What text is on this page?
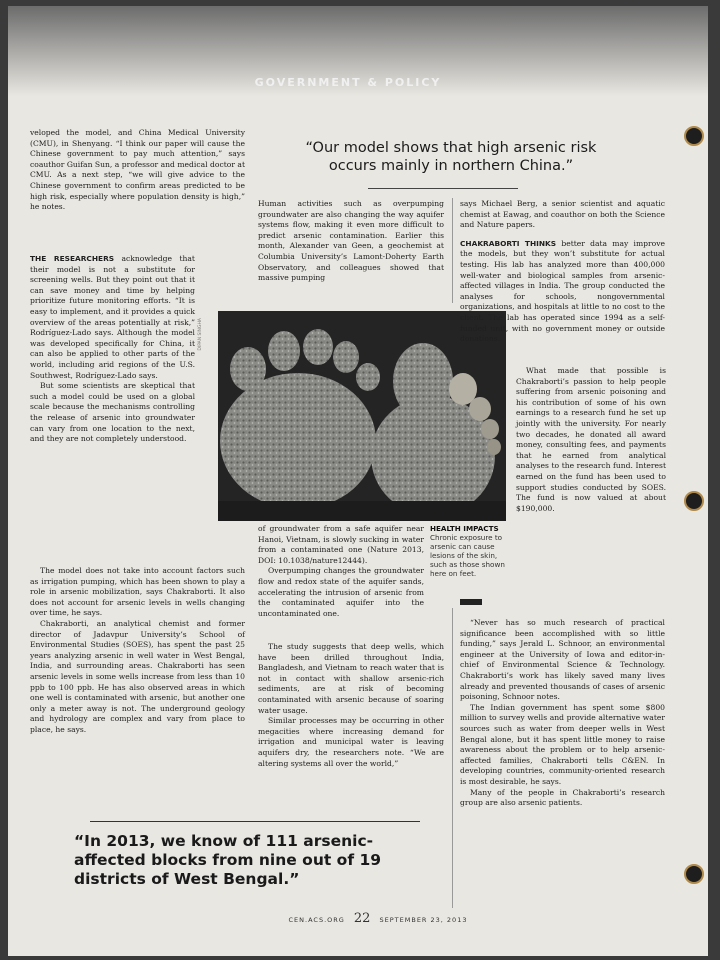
GOVERNMENT & POLICY

veloped the model, and China Medical University (CMU), in Shenyang. “I think our paper will cause the Chinese government to pay much attention,” says coauthor Guifan Sun, a professor and medical doctor at CMU. As a next step, “we will give advice to the Chinese government to confirm areas predicted to be high risk, especially where population density is high,” he notes.

THE RESEARCHERS acknowledge that their model is not a substitute for screening wells. But they point out that it can save money and time by helping prioritize future monitoring efforts. “It is easy to implement, and it provides a quick overview of the areas potentially at risk,” Rodríguez-Lado says. Although the model was developed specifically for China, it can also be applied to other parts of the world, including arid regions of the U.S. Southwest, Rodríguez-Lado says.

But some scientists are skeptical that such a model could be used on a global scale because the mechanisms controlling the release of arsenic into groundwater can vary from one location to the next, and they are not completely understood.

The model does not take into account factors such as irrigation pumping, which has been shown to play a role in arsenic mobilization, says Chakraborti. It also does not account for arsenic levels in wells changing over time, he says.

Chakraborti, an analytical chemist and former director of Jadavpur University’s School of Environmental Studies (SOES), has spent the past 25 years analyzing arsenic in well water in West Bengal, India, and surrounding areas. Chakraborti has seen arsenic levels in some wells increase from less than 10 ppb to 100 ppb. He has also observed areas in which one well is contaminated with arsenic, but another one only a meter away is not. The underground geology and hydrology are complex and vary from place to place, he says.

“Our model shows that high arsenic risk occurs mainly in northern China.”

Human activities such as overpumping groundwater are also changing the way aquifer systems flow, making it even more difficult to predict arsenic contamination. Earlier this month, Alexander van Geen, a geochemist at Columbia University’s Lamont-Doherty Earth Observatory, and colleagues showed that massive pumping

of groundwater from a safe aquifer near Hanoi, Vietnam, is slowly sucking in water from a contaminated one (Nature 2013, DOI: 10.1038/nature12444).

Overpumping changes the groundwater flow and redox state of the aquifer sands, accelerating the intrusion of arsenic from the contaminated aquifer into the uncontaminated one.

The study suggests that deep wells, which have been drilled throughout India, Bangladesh, and Vietnam to reach water that is not in contact with shallow arsenic-rich sediments, are at risk of becoming contaminated with arsenic because of soaring water usage.

Similar processes may be occurring in other megacities where increasing demand for irrigation and municipal water is leaving aquifers dry, the researchers note. “We are altering systems all over the world,”

DIPAN SINGHA
HEALTH IMPACTS
Chronic exposure to arsenic can cause lesions of the skin, such as those shown here on feet.

says Michael Berg, a senior scientist and aquatic chemist at Eawag, and coauthor on both the Science and Nature papers.

CHAKRABORTI THINKS better data may improve the models, but they won’t substitute for actual testing. His lab has analyzed more than 400,000 well-water and biological samples from arsenic-affected villages in India. The group conducted the analyses for schools, nongovernmental organizations, and hospitals at little to no cost to the client. The lab has operated since 1994 as a self-funded unit, with no government money or outside donations.

What made that possible is Chakraborti’s passion to help people suffering from arsenic poisoning and his contribution of some of his own earnings to a research fund he set up jointly with the university. For nearly two decades, he donated all award money, consulting fees, and payments that he earned from analytical analyses to the research fund. Interest earned on the fund has been used to support studies conducted by SOES. The fund is now valued at about $190,000.

“Never has so much research of practical significance been accomplished with so little funding,” says Jerald L. Schnoor, an environmental engineer at the University of Iowa and editor-in-chief of Environmental Science & Technology. Chakraborti’s work has likely saved many lives already and prevented thousands of cases of arsenic poisoning, Schnoor notes.

The Indian government has spent some $800 million to survey wells and provide alternative water sources such as water from deeper wells in West Bengal alone, but it has spent little money to raise awareness about the problem or to help arsenic-affected families, Chakraborti tells C&EN. In developing countries, community-oriented research is most desirable, he says.

Many of the people in Chakraborti’s research group are also arsenic patients.

“In 2013, we know of 111 arsenic-affected blocks from nine out of 19 districts of West Bengal.”
CEN.ACS.ORG 22 SEPTEMBER 23, 2013
